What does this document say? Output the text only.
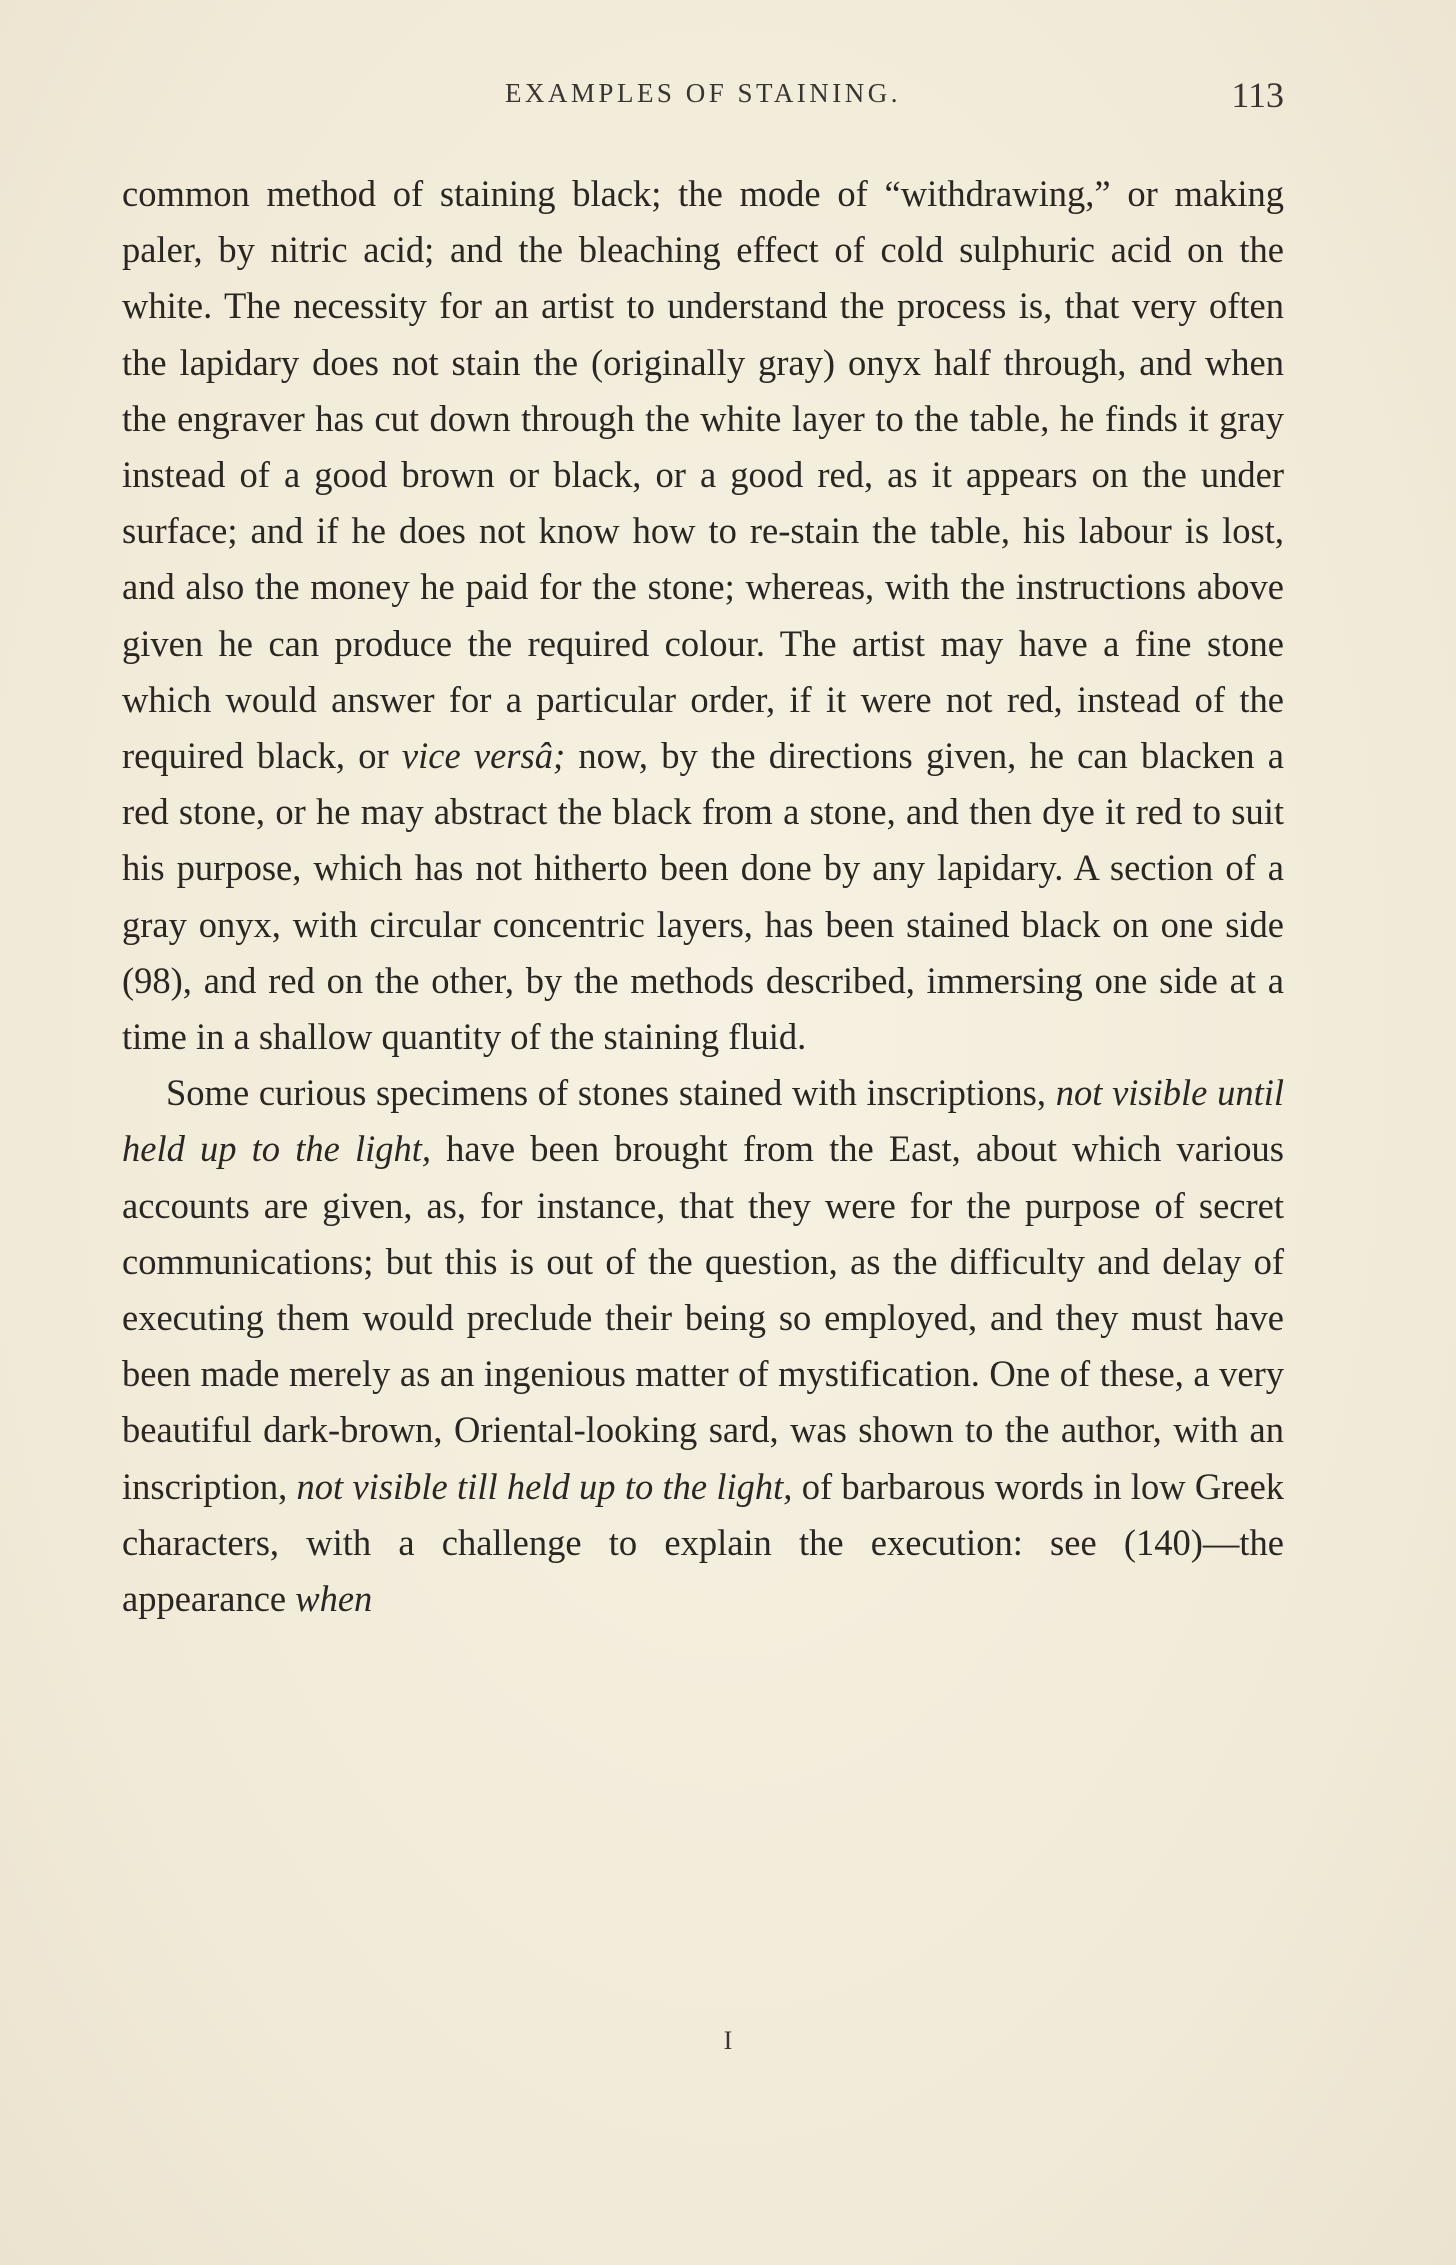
EXAMPLES OF STAINING.	113

common method of staining black; the mode of “withdrawing,” or making paler, by nitric acid; and the bleaching effect of cold sulphuric acid on the white. The necessity for an artist to understand the process is, that very often the lapidary does not stain the (originally gray) onyx half through, and when the engraver has cut down through the white layer to the table, he finds it gray instead of a good brown or black, or a good red, as it appears on the under surface; and if he does not know how to re-stain the table, his labour is lost, and also the money he paid for the stone; whereas, with the instructions above given he can produce the required colour. The artist may have a fine stone which would answer for a particular order, if it were not red, instead of the required black, or vice versâ; now, by the directions given, he can blacken a red stone, or he may abstract the black from a stone, and then dye it red to suit his purpose, which has not hitherto been done by any lapidary. A section of a gray onyx, with circular concentric layers, has been stained black on one side (98), and red on the other, by the methods described, immersing one side at a time in a shallow quantity of the staining fluid.

Some curious specimens of stones stained with inscriptions, not visible until held up to the light, have been brought from the East, about which various accounts are given, as, for instance, that they were for the purpose of secret communications; but this is out of the question, as the difficulty and delay of executing them would preclude their being so employed, and they must have been made merely as an ingenious matter of mystification. One of these, a very beautiful dark-brown, Oriental-looking sard, was shown to the author, with an inscription, not visible till held up to the light, of barbarous words in low Greek characters, with a challenge to explain the execution: see (140)—the appearance when

I
